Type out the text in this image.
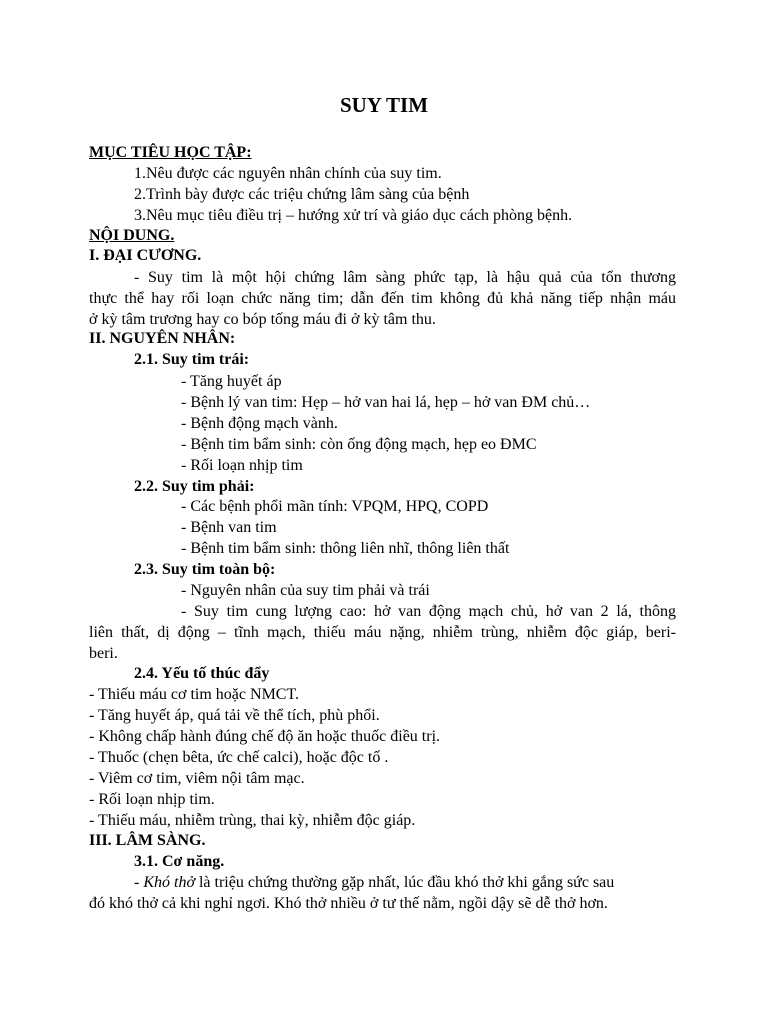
SUY TIM
MỤC TIÊU HỌC TẬP:
1.Nêu được các nguyên nhân chính của suy tim.
2.Trình bày được các triệu chứng lâm sàng của bệnh
3.Nêu mục tiêu điều trị – hướng xử trí và giáo dục cách phòng bệnh.
NỘI DUNG.
I. ĐẠI CƯƠNG.
- Suy tim là một hội chứng lâm sàng phức tạp, là hậu quả của tổn thương
thực thể hay rối loạn chức năng tim; dẫn đến tim không đủ khả năng tiếp nhận máu
ở kỳ tâm trương hay co bóp tống máu đi ở kỳ tâm thu.
II. NGUYÊN NHÂN:
2.1. Suy tim trái:
- Tăng huyết áp
- Bệnh lý van tim: Hẹp – hở van hai lá, hẹp – hở van ĐM chủ…
- Bệnh động mạch vành.
- Bệnh tim bẩm sinh: còn ống động mạch, hẹp eo ĐMC
- Rối loạn nhịp tim
2.2. Suy tim phải:
- Các bệnh phổi mãn tính: VPQM, HPQ, COPD
- Bệnh van tim
- Bệnh tim bẩm sinh: thông liên nhĩ, thông liên thất
2.3. Suy tim toàn bộ:
- Nguyên nhân của suy tim phải và trái
- Suy tim cung lượng cao: hở van động mạch chủ, hở van 2 lá, thông
liên thất, dị động – tĩnh mạch, thiếu máu nặng, nhiễm trùng, nhiễm độc giáp, beri-
beri.
2.4. Yếu tố thúc đẩy
- Thiếu máu cơ tim hoặc NMCT.
- Tăng huyết áp, quá tải về thể tích, phù phổi.
- Không chấp hành đúng chế độ ăn hoặc thuốc điều trị.
- Thuốc (chẹn bêta, ức chế calci), hoặc độc tố .
- Viêm cơ tim, viêm nội tâm mạc.
- Rối loạn nhịp tim.
- Thiếu máu, nhiễm trùng, thai kỳ, nhiễm độc giáp.
III. LÂM SÀNG.
3.1. Cơ năng.
- Khó thở là triệu chứng thường gặp nhất, lúc đầu khó thở khi gắng sức sau
đó khó thở cả khi nghỉ ngơi. Khó thở nhiều ở tư thế nằm, ngồi dậy sẽ dễ thở hơn.
